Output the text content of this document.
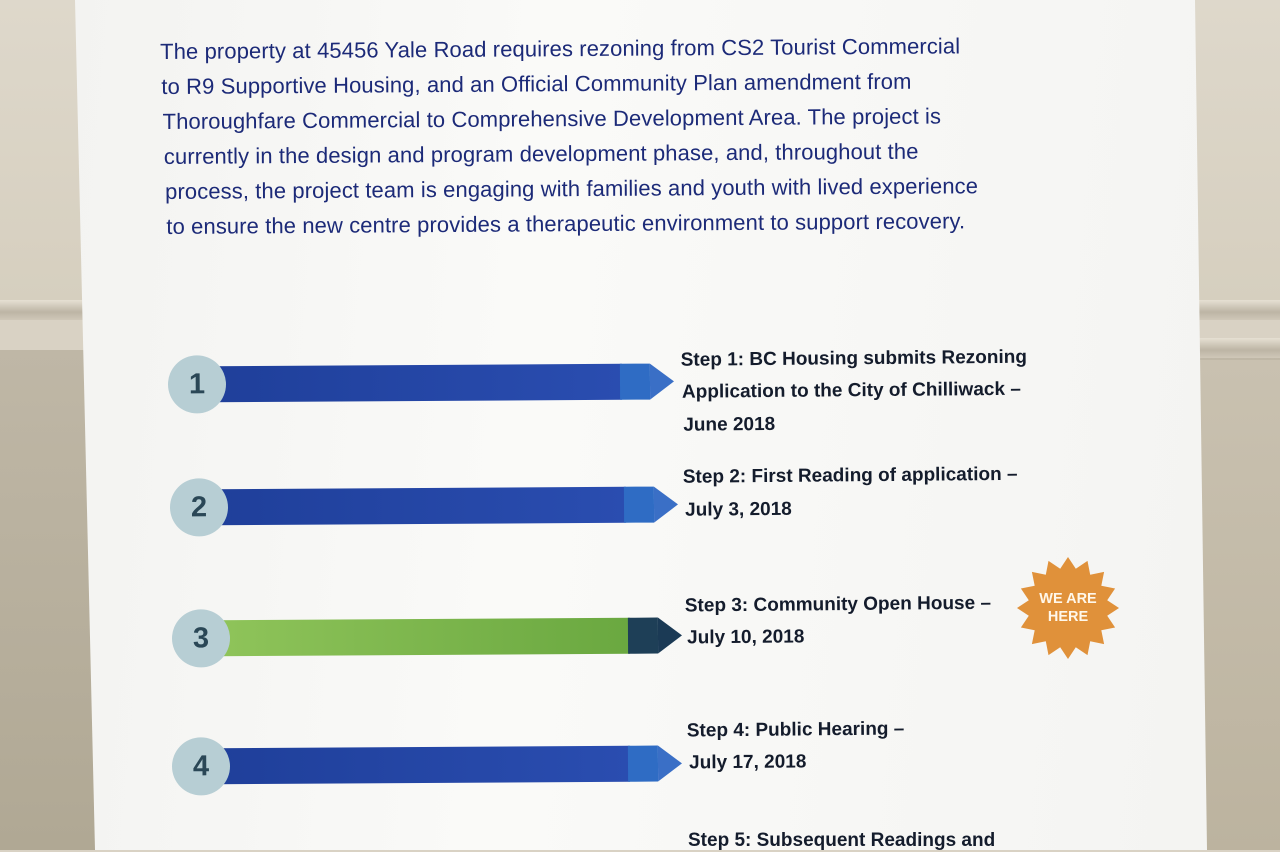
The property at 45456 Yale Road requires rezoning from CS2 Tourist Commercial
to R9 Supportive Housing, and an Official Community Plan amendment from
Thoroughfare Commercial to Comprehensive Development Area. The project is
currently in the design and program development phase, and, throughout the
process, the project team is engaging with families and youth with lived experience
to ensure the new centre provides a therapeutic environment to support recovery.
1
Step 1: BC Housing submits Rezoning
Application to the City of Chilliwack –
June 2018
2
Step 2: First Reading of application –
July 3, 2018
3
Step 3: Community Open House –
July 10, 2018
WE ARE
HERE
4
Step 4: Public Hearing –
July 17, 2018
Step 5: Subsequent Readings and
